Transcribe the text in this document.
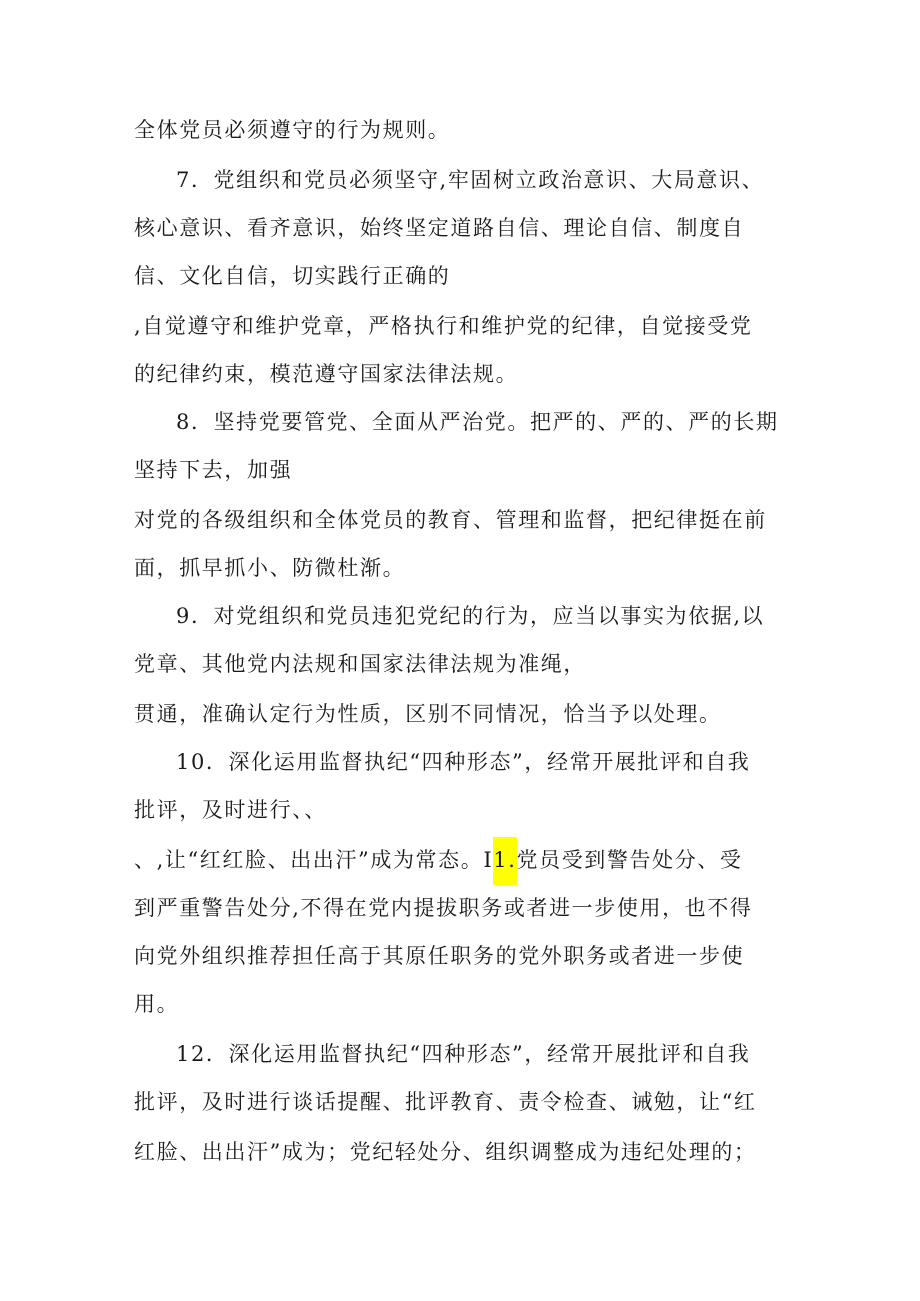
全体党员必须遵守的行为规则。
7．党组织和党员必须坚守,牢固树立政治意识、大局意识、
核心意识、看齐意识，始终坚定道路自信、理论自信、制度自
信、文化自信，切实践行正确的
,自觉遵守和维护党章，严格执行和维护党的纪律，自觉接受党
的纪律约束，模范遵守国家法律法规。
8．坚持党要管党、全面从严治党。把严的、严的、严的长期
坚持下去，加强
对党的各级组织和全体党员的教育、管理和监督，把纪律挺在前
面，抓早抓小、防微杜渐。
9．对党组织和党员违犯党纪的行为，应当以事实为依据,以
党章、其他党内法规和国家法律法规为准绳，
贯通，准确认定行为性质，区别不同情况，恰当予以处理。
10．深化运用监督执纪“四种形态”，经常开展批评和自我
批评，及时进行、、
、,让“红红脸、出出汗”成为常态。I1.党员受到警告处分、受
到严重警告处分,不得在党内提拔职务或者进一步使用，也不得
向党外组织推荐担任高于其原任职务的党外职务或者进一步使
用。
12．深化运用监督执纪“四种形态”，经常开展批评和自我
批评，及时进行谈话提醒、批评教育、责令检查、诫勉，让“红
红脸、出出汗”成为；党纪轻处分、组织调整成为违纪处理的；
